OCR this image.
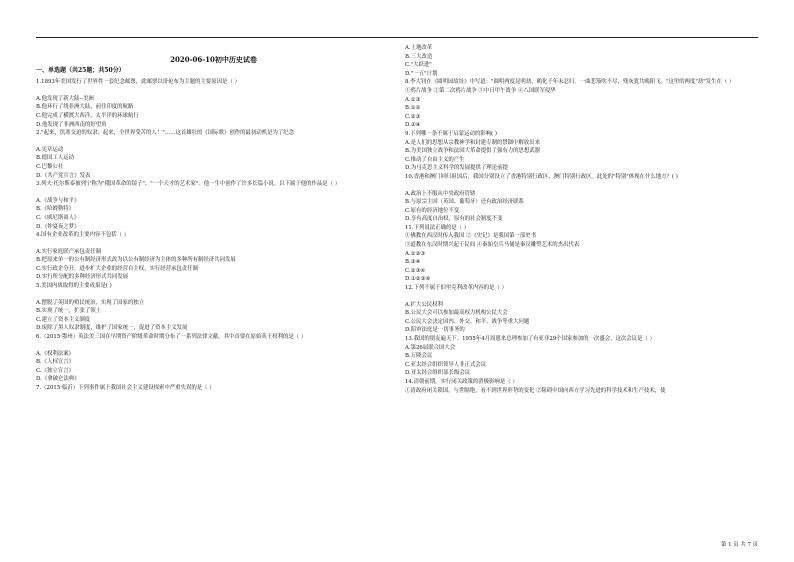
2020-06-10初中历史试卷
一、单选题（共25题；共50分）
1.1893年美国发行了世界性一套纪念邮票，此邮票以哥伦布为主题的主要原因是（ ）
A.他发现了新大陆--美洲
B.他环行了绕非洲大陆，前往印度的航路
C.他完成了横渡大西洋、太平洋的环球航行
D.他发现了非洲西南的好望角
2."起来，饥寒交迫的奴隶；起来，全世界受苦的人！"……这首雄壮的《国际歌》创作的最初动机是为了纪念
A.宪章运动
B.德国工人运动
C.巴黎公社
D.《共产党宣言》发表
3.列夫·托尔斯泰被列宁称为"俄国革命的镜子"、"一个天才的艺术家"。他一生中创作了许多长篇小说。以下属于他的作品是（ ）
A.《战争与和平》
B.《哈姆勒特》
C.《威尼斯商人》
D.《仲夏夜之梦》
4.国有企业改革的主要内容不包括（ ）
A.实行家庭联产承包责任制
B.把原来单一的公有制经济形式改为以公有制经济为主体的多种所有制经济共同发展
C.实行政企分开，进步扩大企业的经营自主权，实行经营承包责任制
D.实行所分配的多种经济形式共同发展
5.美国内战取得的主要成果是( )
A.摆脱了英国的殖民统治，实现了国家的独立
B.实现了统一，扩张了领土
C.建立了资本主义制度
D.废除了黑人奴隶制度，维护了国家统一，促进了资本主义发展
6.（2015·鄂州）英法美三国在早期资产阶级革命时期分布了一系列法律文献。其中首要在原始英王权利的是（ ）
A.《权利法案》
B.《人权宣言》
C.《独立宣言》
D.《拿破仑法典》
7.（2015·临沂）下列事件属于我国社会主义建设探索中严重失误的是（ ）
A.土地改革
B.三大改造
C."大跃进"
D."一五"计划
8.李大钊在《圆明园故址》中写道："圆明两度昆明劫，鹤化千年未忍归。一曲悲笳吹不尽，残灰犹共晚阳飞。"这里的两度"劫"发生在（ ）
①鸦片战争 ②第二次鸦片战争 ③中日甲午战争 ④八国联军侵华
A.①③
B.①②
C.②③
D.②④
9.下列哪一条不属于启蒙运动的影响( )
A.是人们的思想从宗教神学和封建专制的禁锢中解放出来
B.为美国独立战争和法国大革命提供了强有力的思想武器
C.推动了自由主义的产生
D.为马克思主义科学的发展提供了理论前提
10.香港和澳门回归祖国后，我国分别设立了香港特别行政区、澳门特别行政区。此处的"特别"体现在什么地方？( )
A.政治上不服从中央政府管辖
B.与原宗主国（英国、葡萄牙）还有政治经济联系
C.原有的经济地位不变
D.享有高度自治权，原有的社会制度不变
11.下列说法正确的是（ ）
①佛教在西汉时传入我国 ②《史记》是我国第一部史书
③道教在东汉时期兴起于民间 ④秦始皇兵马俑是秦汉雕塑艺术的杰出代表
A.①②③
B.③④
C.②③④
D.①②③④
12.下列不属于伯里克利改革内容的是（ ）
A.扩大公民权利
B.公民大会可以参加最高权力机构公民大会
C.公民大会决定国内、外交、和平、战争等重大问题
D.陪审法庭是一切事务的
13.我国的朋友遍天下。1955年4月周恩来总理参加了有亚非29个国家参加的一次盛会，这次会议是（ ）
A.第26届联合国大会
B.万隆会议
C.亚太经合组织领导人非正式会议
D.亚太经合组织部长级会议
14.清朝前期，实行闭关政策的消极影响是（ ）
①清政府闭关锁国，与世隔绝，看不到世界形势的变化 ②阻碍中国向西方学习先进的科学技术和生产技术，使
第 1 页 共 7 页
